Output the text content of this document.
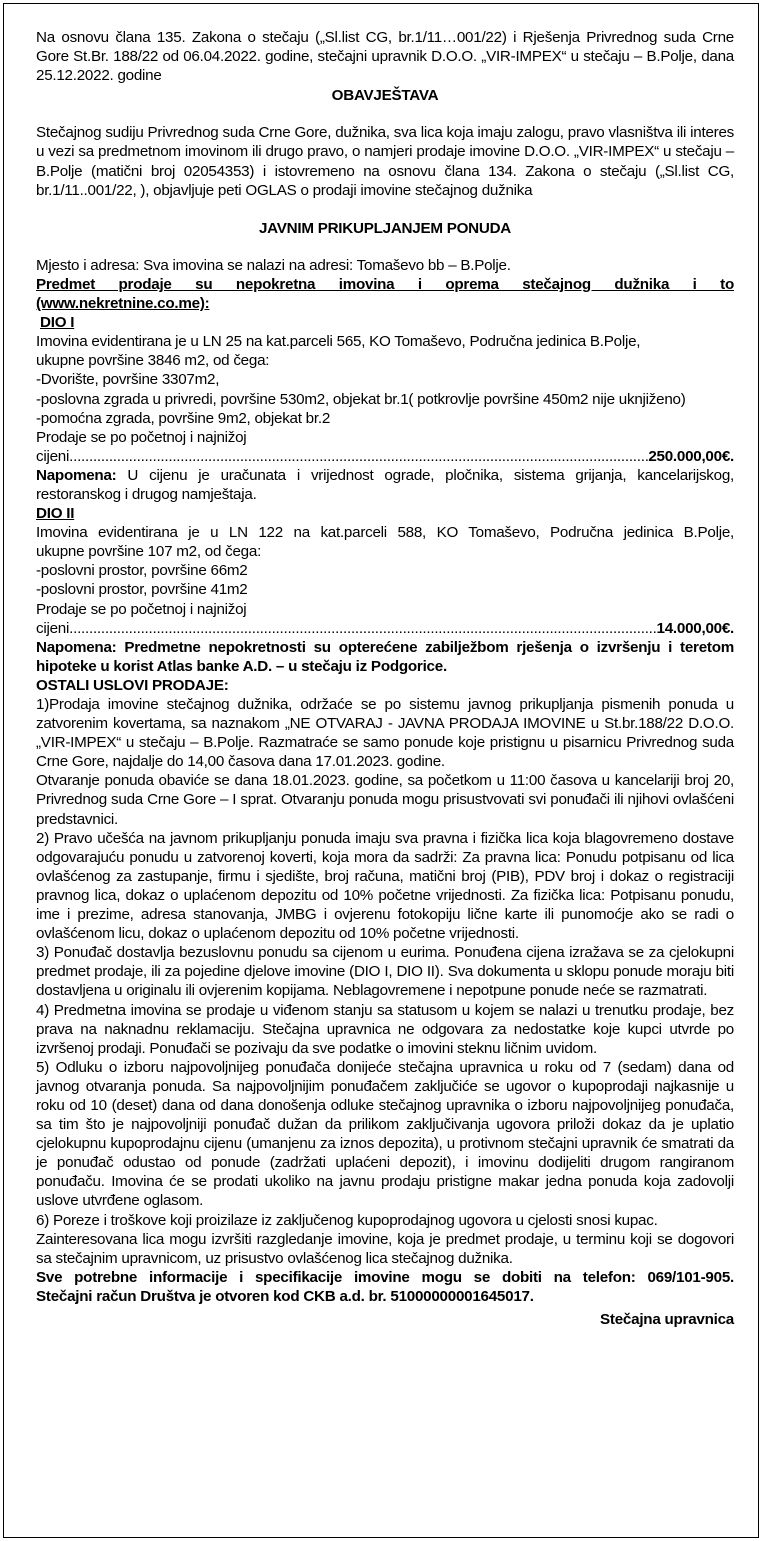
Na osnovu člana 135. Zakona o stečaju („Sl.list CG, br.1/11…001/22) i Rješenja Privrednog suda Crne Gore St.Br. 188/22 od 06.04.2022. godine, stečajni upravnik D.O.O. „VIR-IMPEX“ u stečaju – B.Polje, dana 25.12.2022. godine

OBAVJEŠTAVA

Stečajnog sudiju Privrednog suda Crne Gore, dužnika, sva lica koja imaju zalogu, pravo vlasništva ili interes u vezi sa predmetnom imovinom ili drugo pravo, o namjeri prodaje imovine D.O.O. „VIR-IMPEX“ u stečaju – B.Polje (matični broj 02054353) i istovremeno na osnovu člana 134. Zakona o stečaju („Sl.list CG, br.1/11..001/22, ), objavljuje peti OGLAS o prodaji imovine stečajnog dužnika

JAVNIM PRIKUPLJANJEM PONUDA

Mjesto i adresa: Sva imovina se nalazi na adresi: Tomaševo bb – B.Polje.

Predmet prodaje su nepokretna imovina i oprema stečajnog dužnika i to

(www.nekretnine.co.me):

DIO I

Imovina evidentirana je u LN 25 na kat.parceli 565, KO Tomaševo, Područna jedinica B.Polje,

ukupne površine 3846 m2, od čega:

-Dvorište, površine 3307m2,

-poslovna zgrada u privredi, površine 530m2, objekat br.1( potkrovlje površine 450m2 nije uknjiženo)

-pomoćna zgrada, površine 9m2, objekat br.2

Prodaje se po početnoj i najnižoj

cijeni .....	250.000,00€.

Napomena: U cijenu je uračunata i vrijednost ograde, pločnika, sistema grijanja, kancelarijskog, restoranskog i drugog namještaja.

DIO II

Imovina evidentirana je u LN 122 na kat.parceli 588, KO Tomaševo, Područna jedinica B.Polje,

ukupne površine 107 m2, od čega:

-poslovni prostor, površine 66m2

-poslovni prostor, površine 41m2

Prodaje se po početnoj i najnižoj

cijeni .....	14.000,00€.

Napomena: Predmetne nepokretnosti su opterećene zabilježbom rješenja o izvršenju i teretom hipoteke u korist Atlas banke A.D. – u stečaju iz Podgorice.

OSTALI USLOVI PRODAJE:

1)Prodaja imovine stečajnog dužnika, održaće se po sistemu javnog prikupljanja pismenih ponuda u zatvorenim kovertama, sa naznakom „NE OTVARAJ - JAVNA PRODAJA IMOVINE u St.br.188/22 D.O.O. „VIR-IMPEX“ u stečaju – B.Polje. Razmatraće se samo ponude koje pristignu u pisarnicu Privrednog suda Crne Gore, najdalje do 14,00 časova dana 17.01.2023. godine.

Otvaranje ponuda obaviće se dana 18.01.2023. godine, sa početkom u 11:00 časova u kancelariji broj 20, Privrednog suda Crne Gore – I sprat. Otvaranju ponuda mogu prisustvovati svi ponuđači ili njihovi ovlašćeni predstavnici.

2) Pravo učešća na javnom prikupljanju ponuda imaju sva pravna i fizička lica koja blagovremeno dostave odgovarajuću ponudu u zatvorenoj koverti, koja mora da sadrži: Za pravna lica: Ponudu potpisanu od lica ovlašćenog za zastupanje, firmu i sjedište, broj računa, matični broj (PIB), PDV broj i dokaz o registraciji pravnog lica, dokaz o uplaćenom depozitu od 10% početne vrijednosti. Za fizička lica: Potpisanu ponudu, ime i prezime, adresa stanovanja, JMBG i ovjerenu fotokopiju lične karte ili punomoćje ako se radi o ovlašćenom licu, dokaz o uplaćenom depozitu od 10% početne vrijednosti.

3) Ponuđač dostavlja bezuslovnu ponudu sa cijenom u eurima. Ponuđena cijena izražava se za cjelokupni predmet prodaje, ili za pojedine djelove imovine (DIO I, DIO II). Sva dokumenta u sklopu ponude moraju biti dostavljena u originalu ili ovjerenim kopijama. Neblagovremene i nepotpune ponude neće se razmatrati.

4) Predmetna imovina se prodaje u viđenom stanju sa statusom u kojem se nalazi u trenutku prodaje, bez prava na naknadnu reklamaciju. Stečajna upravnica ne odgovara za nedostatke koje kupci utvrde po izvršenoj prodaji. Ponuđači se pozivaju da sve podatke o imovini steknu ličnim uvidom.

5) Odluku o izboru najpovoljnijeg ponuđača donijeće stečajna upravnica u roku od 7 (sedam) dana od javnog otvaranja ponuda. Sa najpovoljnijim ponuđačem zaključiće se ugovor o kupoprodaji najkasnije u roku od 10 (deset) dana od dana donošenja odluke stečajnog upravnika o izboru najpovoljnijeg ponuđača, sa tim što je najpovoljniji ponuđač dužan da prilikom zaključivanja ugovora priloži dokaz da je uplatio cjelokupnu kupoprodajnu cijenu (umanjenu za iznos depozita), u protivnom stečajni upravnik će smatrati da je ponuđač odustao od ponude (zadržati uplaćeni depozit), i imovinu dodijeliti drugom rangiranom ponuđaču. Imovina će se prodati ukoliko na javnu prodaju pristigne makar jedna ponuda koja zadovolji uslove utvrđene oglasom.

6) Poreze i troškove koji proizilaze iz zaključenog kupoprodajnog ugovora u cjelosti snosi kupac.

Zainteresovana lica mogu izvršiti razgledanje imovine, koja je predmet prodaje, u terminu koji se dogovori sa stečajnim upravnicom, uz prisustvo ovlašćenog lica stečajnog dužnika.

Sve potrebne informacije i specifikacije imovine mogu se dobiti na telefon: 069/101-905.

Stečajni račun Društva je otvoren kod CKB a.d. br. 51000000001645017.

Stečajna upravnica
